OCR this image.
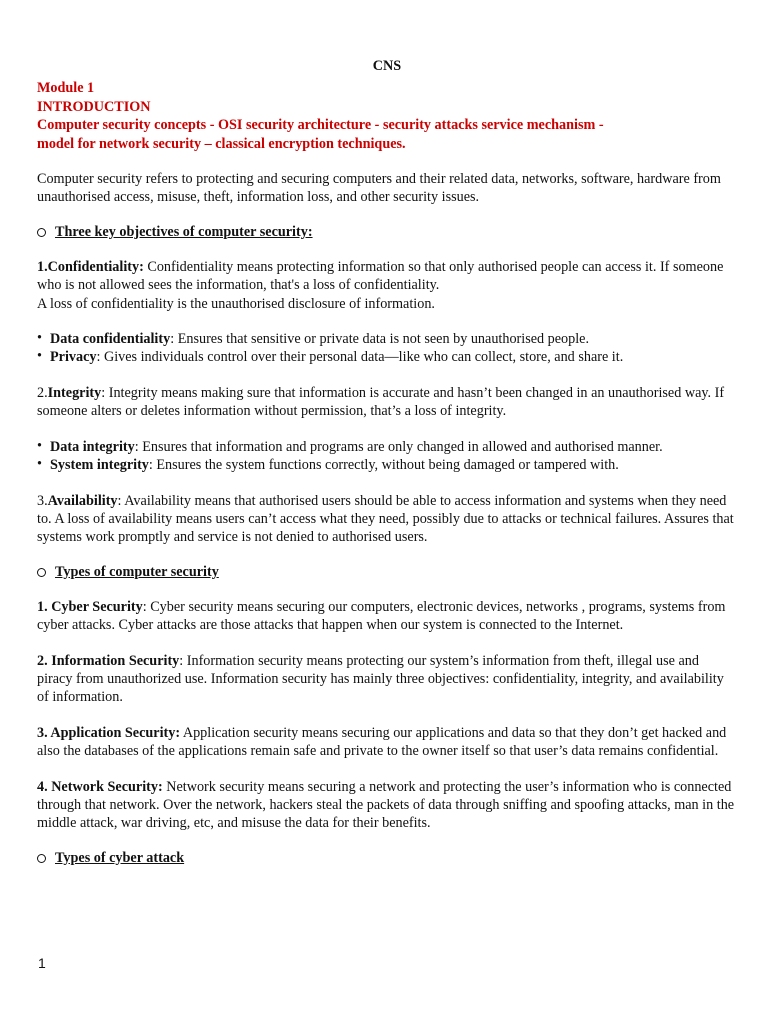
CNS

Module 1

INTRODUCTION

Computer security concepts - OSI security architecture - security attacks service mechanism -

model for network security – classical encryption techniques.

Computer security refers to protecting and securing computers and their related data, networks, software, hardware from unauthorised access, misuse, theft, information loss, and other security issues.

Three key objectives of computer security:

1.Confidentiality: Confidentiality means protecting information so that only authorised people can access it. If someone who is not allowed sees the information, that's a loss of confidentiality.

A loss of confidentiality is the unauthorised disclosure of information.

• Data confidentiality: Ensures that sensitive or private data is not seen by unauthorised people.

• Privacy: Gives individuals control over their personal data—like who can collect, store, and share it.

2.Integrity: Integrity means making sure that information is accurate and hasn’t been changed in an unauthorised way. If someone alters or deletes information without permission, that’s a loss of integrity.

• Data integrity: Ensures that information and programs are only changed in allowed and authorised manner.

• System integrity: Ensures the system functions correctly, without being damaged or tampered with.

3.Availability: Availability means that authorised users should be able to access information and systems when they need to. A loss of availability means users can’t access what they need, possibly due to attacks or technical failures. Assures that systems work promptly and service is not denied to authorised users.

Types of computer security

1. Cyber Security: Cyber security means securing our computers, electronic devices, networks , programs, systems from cyber attacks. Cyber attacks are those attacks that happen when our system is connected to the Internet.

2. Information Security: Information security means protecting our system’s information from theft, illegal use and piracy from unauthorized use. Information security has mainly three objectives: confidentiality, integrity, and availability of information.

3. Application Security: Application security means securing our applications and data so that they don’t get hacked and also the databases of the applications remain safe and private to the owner itself so that user’s data remains confidential.

4. Network Security: Network security means securing a network and protecting the user’s information who is connected through that network. Over the network, hackers steal the packets of data through sniffing and spoofing attacks, man in the middle attack, war driving, etc, and misuse the data for their benefits.

Types of cyber attack
1
